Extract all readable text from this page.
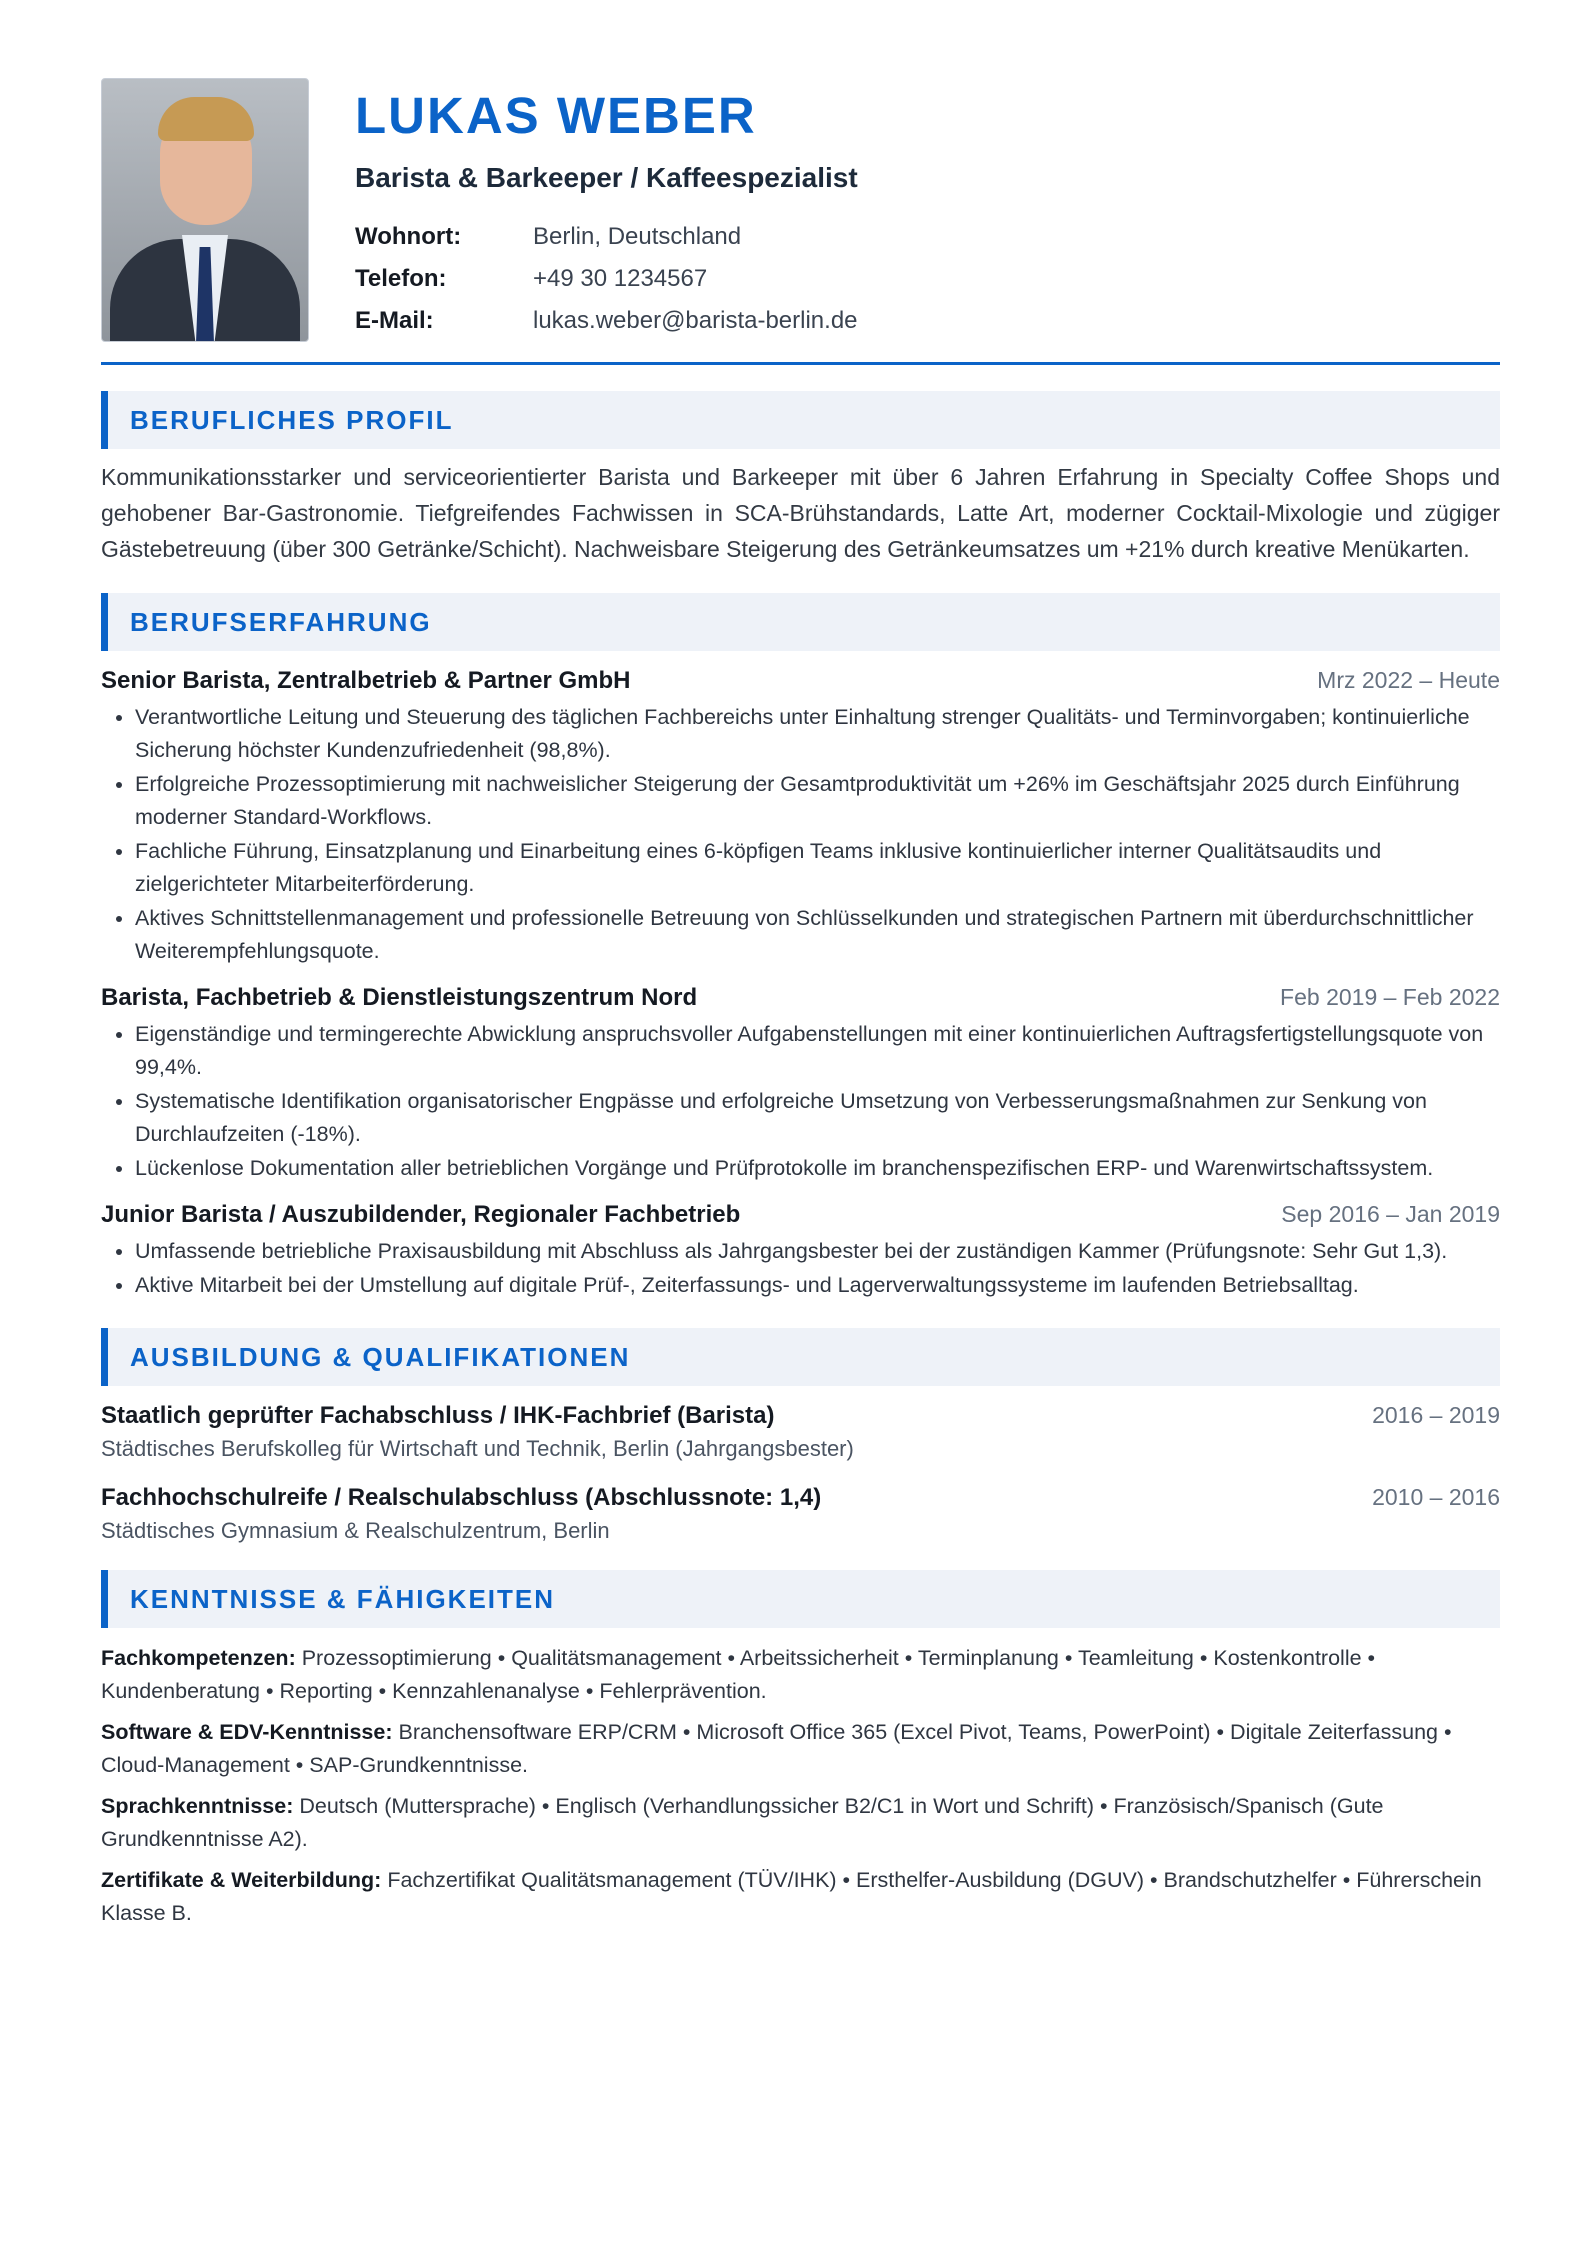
LUKAS WEBER
Barista & Barkeeper / Kaffeespezialist
Wohnort:	Berlin, Deutschland
Telefon:	+49 30 1234567
E-Mail:	lukas.weber@barista-berlin.de
BERUFLICHES PROFIL
Kommunikationsstarker und serviceorientierter Barista und Barkeeper mit über 6 Jahren Erfahrung in Specialty Coffee Shops und gehobener Bar-Gastronomie. Tiefgreifendes Fachwissen in SCA-Brühstandards, Latte Art, moderner Cocktail-Mixologie und zügiger Gästebetreuung (über 300 Getränke/Schicht). Nachweisbare Steigerung des Getränkeumsatzes um +21% durch kreative Menükarten.
BERUFSERFAHRUNG
Senior Barista, Zentralbetrieb & Partner GmbH	Mrz 2022 – Heute
• Verantwortliche Leitung und Steuerung des täglichen Fachbereichs unter Einhaltung strenger Qualitäts- und Terminvorgaben; kontinuierliche Sicherung höchster Kundenzufriedenheit (98,8%).
• Erfolgreiche Prozessoptimierung mit nachweislicher Steigerung der Gesamtproduktivität um +26% im Geschäftsjahr 2025 durch Einführung moderner Standard-Workflows.
• Fachliche Führung, Einsatzplanung und Einarbeitung eines 6-köpfigen Teams inklusive kontinuierlicher interner Qualitätsaudits und zielgerichteter Mitarbeiterförderung.
• Aktives Schnittstellenmanagement und professionelle Betreuung von Schlüsselkunden und strategischen Partnern mit überdurchschnittlicher Weiterempfehlungsquote.
Barista, Fachbetrieb & Dienstleistungszentrum Nord	Feb 2019 – Feb 2022
• Eigenständige und termingerechte Abwicklung anspruchsvoller Aufgabenstellungen mit einer kontinuierlichen Auftragsfertigstellungsquote von 99,4%.
• Systematische Identifikation organisatorischer Engpässe und erfolgreiche Umsetzung von Verbesserungsmaßnahmen zur Senkung von Durchlaufzeiten (-18%).
• Lückenlose Dokumentation aller betrieblichen Vorgänge und Prüfprotokolle im branchenspezifischen ERP- und Warenwirtschaftssystem.
Junior Barista / Auszubildender, Regionaler Fachbetrieb	Sep 2016 – Jan 2019
• Umfassende betriebliche Praxisausbildung mit Abschluss als Jahrgangsbester bei der zuständigen Kammer (Prüfungsnote: Sehr Gut 1,3).
• Aktive Mitarbeit bei der Umstellung auf digitale Prüf-, Zeiterfassungs- und Lagerverwaltungssysteme im laufenden Betriebsalltag.
AUSBILDUNG & QUALIFIKATIONEN
Staatlich geprüfter Fachabschluss / IHK-Fachbrief (Barista)	2016 – 2019
Städtisches Berufskolleg für Wirtschaft und Technik, Berlin (Jahrgangsbester)
Fachhochschulreife / Realschulabschluss (Abschlussnote: 1,4)	2010 – 2016
Städtisches Gymnasium & Realschulzentrum, Berlin
KENNTNISSE & FÄHIGKEITEN
Fachkompetenzen: Prozessoptimierung • Qualitätsmanagement • Arbeitssicherheit • Terminplanung • Teamleitung • Kostenkontrolle • Kundenberatung • Reporting • Kennzahlenanalyse • Fehlerprävention.
Software & EDV-Kenntnisse: Branchensoftware ERP/CRM • Microsoft Office 365 (Excel Pivot, Teams, PowerPoint) • Digitale Zeiterfassung • Cloud-Management • SAP-Grundkenntnisse.
Sprachkenntnisse: Deutsch (Muttersprache) • Englisch (Verhandlungssicher B2/C1 in Wort und Schrift) • Französisch/Spanisch (Gute Grundkenntnisse A2).
Zertifikate & Weiterbildung: Fachzertifikat Qualitätsmanagement (TÜV/IHK) • Ersthelfer-Ausbildung (DGUV) • Brandschutzhelfer • Führerschein Klasse B.
